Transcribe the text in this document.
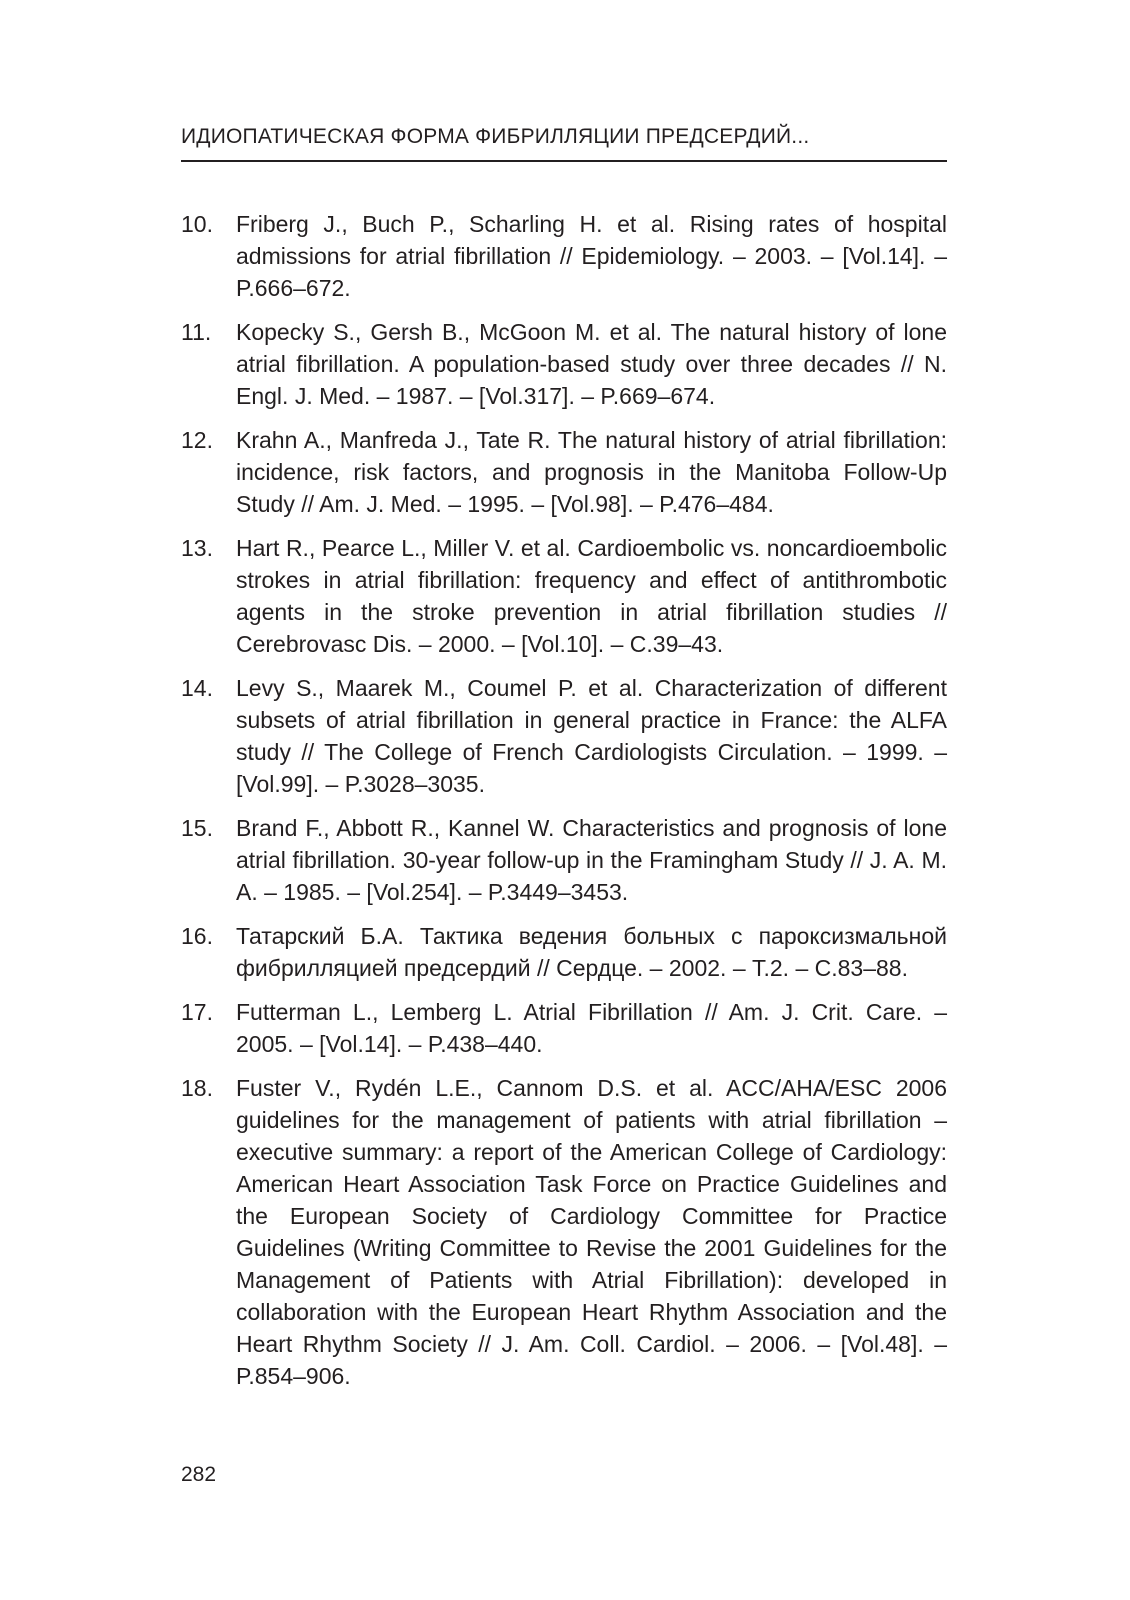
ИДИОПАТИЧЕСКАЯ ФОРМА ФИБРИЛЛЯЦИИ ПРЕДСЕРДИЙ...
10. Friberg J., Buch P., Scharling H. et al. Rising rates of hospital admissions for atrial fibrillation // Epidemiology. – 2003. – [Vol.14]. – P.666–672.
11. Kopecky S., Gersh B., McGoon M. et al. The natural history of lone atrial fibrillation. A population-based study over three decades // N. Engl. J. Med. – 1987. – [Vol.317]. – P.669–674.
12. Krahn A., Manfreda J., Tate R. The natural history of atrial fibrillation: incidence, risk factors, and prognosis in the Manitoba Follow-Up Study // Am. J. Med. – 1995. – [Vol.98]. – P.476–484.
13. Hart R., Pearce L., Miller V. et al. Cardioembolic vs. noncardioembolic strokes in atrial fibrillation: frequency and effect of antithrombotic agents in the stroke prevention in atrial fibrillation studies // Cerebrovasc Dis. – 2000. – [Vol.10]. – C.39–43.
14. Levy S., Maarek M., Coumel P. et al. Characterization of different subsets of atrial fibrillation in general practice in France: the ALFA study // The College of French Cardiologists Circulation. – 1999. – [Vol.99]. – P.3028–3035.
15. Brand F., Abbott R., Kannel W. Characteristics and prognosis of lone atrial fibrillation. 30-year follow-up in the Framingham Study // J. A. M. A. – 1985. – [Vol.254]. – P.3449–3453.
16. Татарский Б.А. Тактика ведения больных с пароксизмальной фибрилляцией предсердий // Сердце. – 2002. – Т.2. – С.83–88.
17. Futterman L., Lemberg L. Atrial Fibrillation // Am. J. Crit. Care. – 2005. – [Vol.14]. – P.438–440.
18. Fuster V., Rydén L.E., Cannom D.S. et al. ACC/AHA/ESC 2006 guidelines for the management of patients with atrial fibrillation – executive summary: a report of the American College of Cardiology: American Heart Association Task Force on Practice Guidelines and the European Society of Cardiology Committee for Practice Guidelines (Writing Committee to Revise the 2001 Guidelines for the Management of Patients with Atrial Fibrillation): developed in collaboration with the European Heart Rhythm Association and the Heart Rhythm Society // J. Am. Coll. Cardiol. – 2006. – [Vol.48]. – P.854–906.
282
